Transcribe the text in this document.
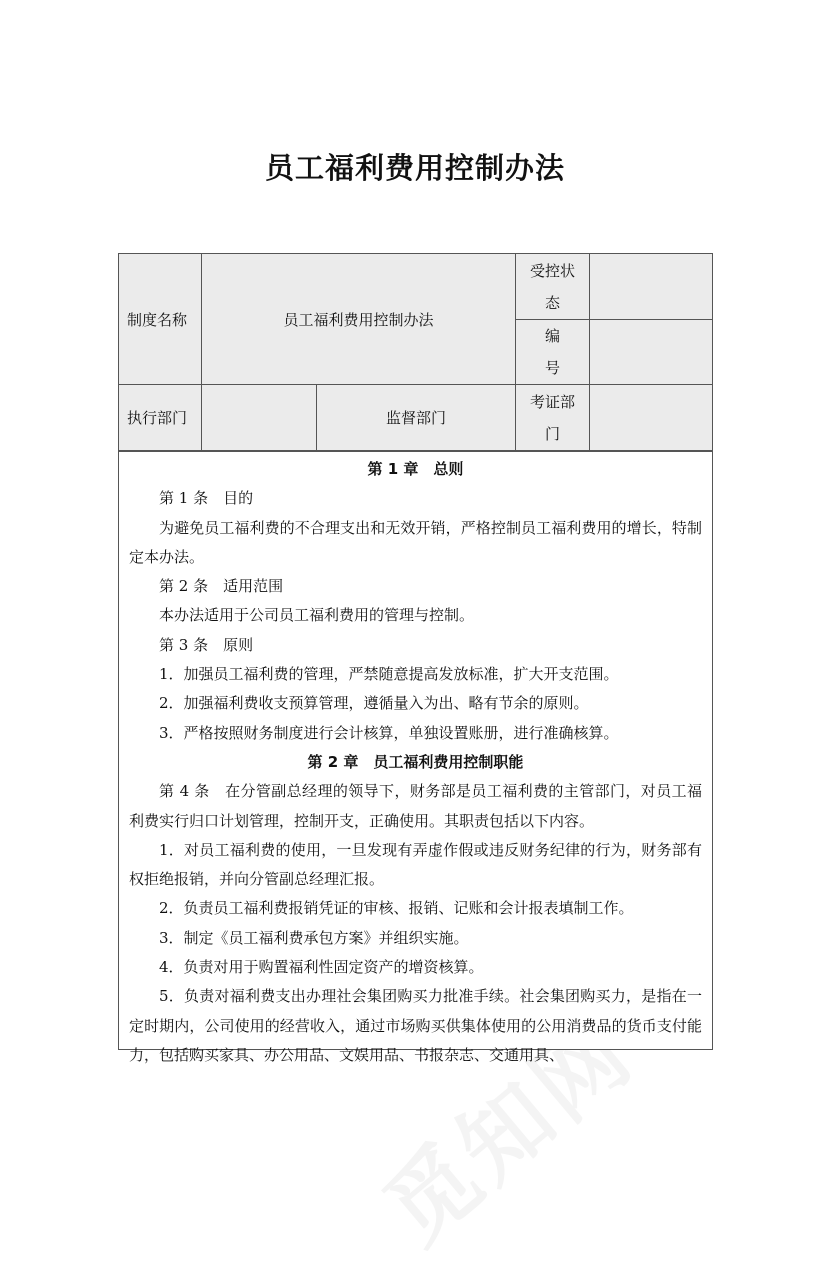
员工福利费用控制办法
制度名称	员工福利费用控制办法
受控状态
编号
执行部门	监督部门
考证部门

第 1 章　总则

第 1 条　目的

为避免员工福利费的不合理支出和无效开销，严格控制员工福利费用的增长，特制定本办法。

第 2 条　适用范围

本办法适用于公司员工福利费用的管理与控制。

第 3 条　原则

1．加强员工福利费的管理，严禁随意提高发放标准，扩大开支范围。

2．加强福利费收支预算管理，遵循量入为出、略有节余的原则。

3．严格按照财务制度进行会计核算，单独设置账册，进行准确核算。

第 2 章　员工福利费用控制职能

第 4 条　在分管副总经理的领导下，财务部是员工福利费的主管部门，对员工福利费实行归口计划管理，控制开支，正确使用。其职责包括以下内容。

1．对员工福利费的使用，一旦发现有弄虚作假或违反财务纪律的行为，财务部有权拒绝报销，并向分管副总经理汇报。

2．负责员工福利费报销凭证的审核、报销、记账和会计报表填制工作。

3．制定《员工福利费承包方案》并组织实施。

4．负责对用于购置福利性固定资产的增资核算。

5．负责对福利费支出办理社会集团购买力批准手续。社会集团购买力，是指在一定时期内，公司使用的经营收入，通过市场购买供集体使用的公用消费品的货币支付能力，包括购买家具、办公用品、文娱用品、书报杂志、交通用具、
